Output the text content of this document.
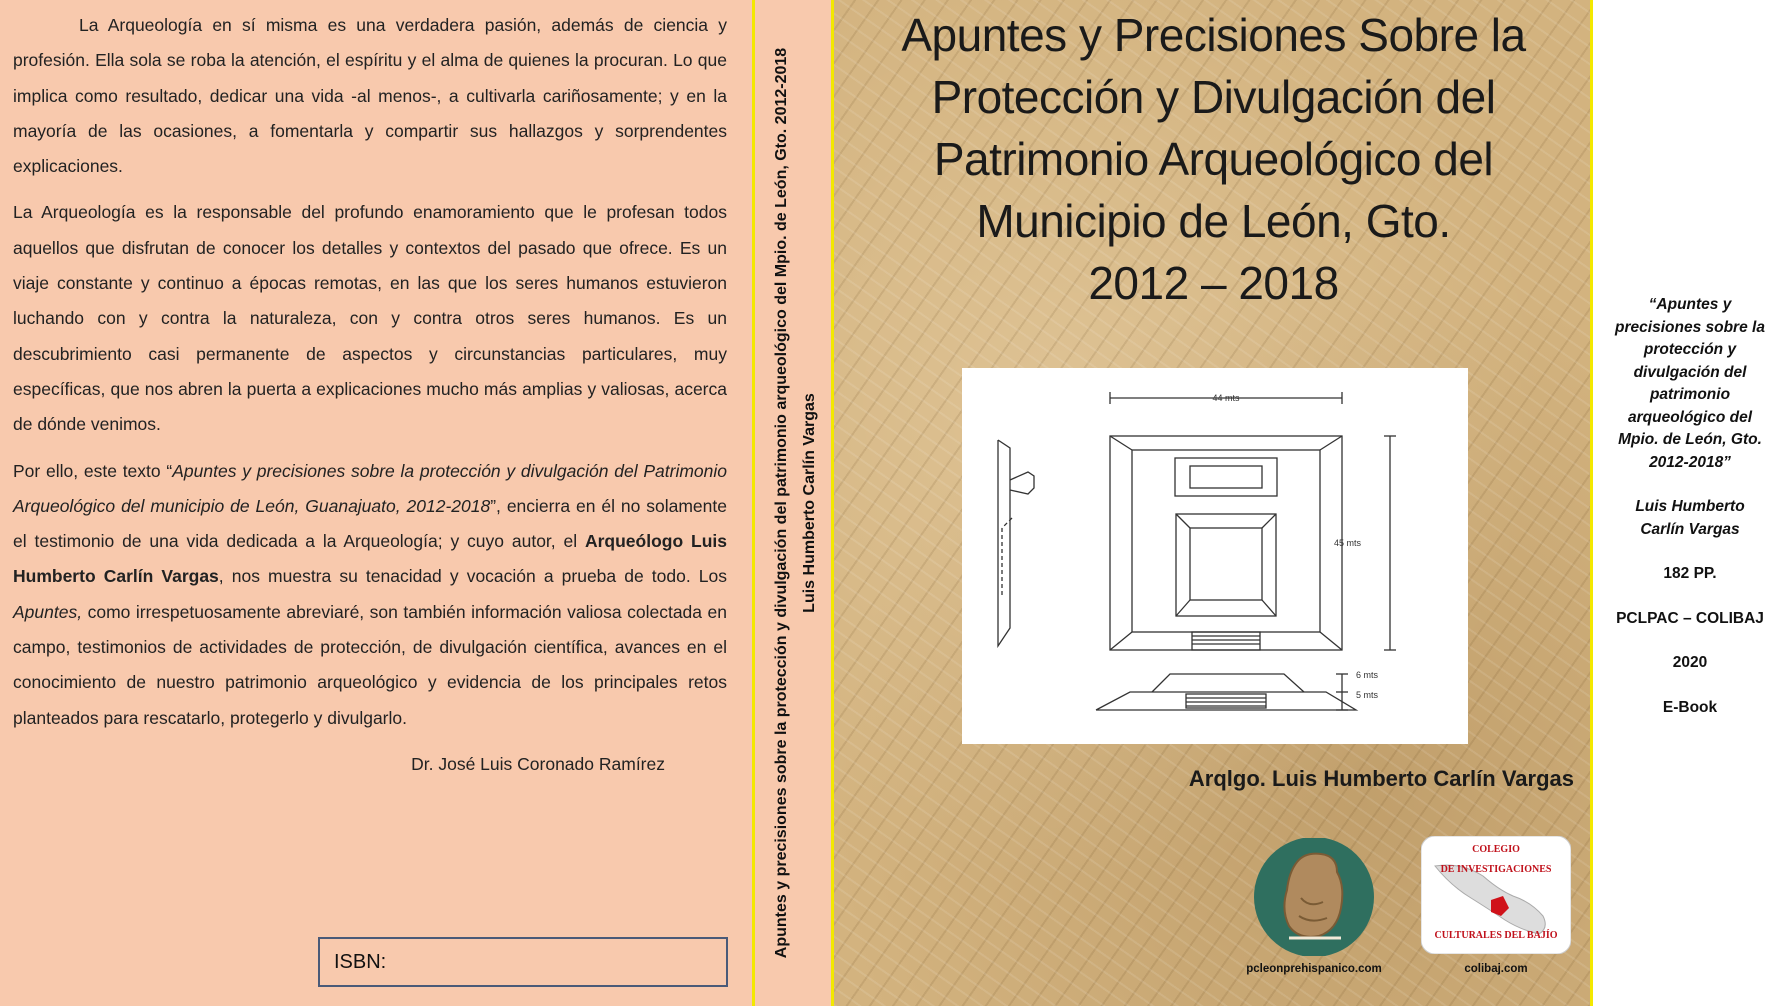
La Arqueología en sí misma es una verdadera pasión, además de ciencia y profesión. Ella sola se roba la atención, el espíritu y el alma de quienes la procuran. Lo que implica como resultado, dedicar una vida -al menos-, a cultivarla cariñosamente; y en la mayoría de las ocasiones, a fomentarla y compartir sus hallazgos y sorprendentes explicaciones.

La Arqueología es la responsable del profundo enamoramiento que le profesan todos aquellos que disfrutan de conocer los detalles y contextos del pasado que ofrece. Es un viaje constante y continuo a épocas remotas, en las que los seres humanos estuvieron luchando con y contra la naturaleza, con y contra otros seres humanos. Es un descubrimiento casi permanente de aspectos y circunstancias particulares, muy específicas, que nos abren la puerta a explicaciones mucho más amplias y valiosas, acerca de dónde venimos.

Por ello, este texto “Apuntes y precisiones sobre la protección y divulgación del Patrimonio Arqueológico del municipio de León, Guanajuato, 2012-2018”, encierra en él no solamente el testimonio de una vida dedicada a la Arqueología; y cuyo autor, el Arqueólogo Luis Humberto Carlín Vargas, nos muestra su tenacidad y vocación a prueba de todo. Los Apuntes, como irrespetuosamente abreviaré, son también información valiosa colectada en campo, testimonios de actividades de protección, de divulgación científica, avances en el conocimiento de nuestro patrimonio arqueológico y evidencia de los principales retos planteados para rescatarlo, protegerlo y divulgarlo.

Dr. José Luis Coronado Ramírez

ISBN:
Apuntes y precisiones sobre la protección y divulgación del patrimonio arqueológico del Mpio. de León, Gto. 2012-2018 Luis Humberto Carlín Vargas
Apuntes y Precisiones Sobre la
Protección y Divulgación del
Patrimonio Arqueológico del
Municipio de León, Gto.
2012 – 2018
44 mts
45 mts
6 mts
5 mts
Arqlgo. Luis Humberto Carlín Vargas
pcleonprehispanico.com
COLEGIO
DE INVESTIGACIONES
CULTURALES DEL BAJÍO
colibaj.com
“Apuntes y
precisiones sobre la
protección y
divulgación del
patrimonio
arqueológico del
Mpio. de León, Gto.
2012-2018”
Luis Humberto
Carlín Vargas
182 PP.
PCLPAC – COLIBAJ
2020
E-Book
